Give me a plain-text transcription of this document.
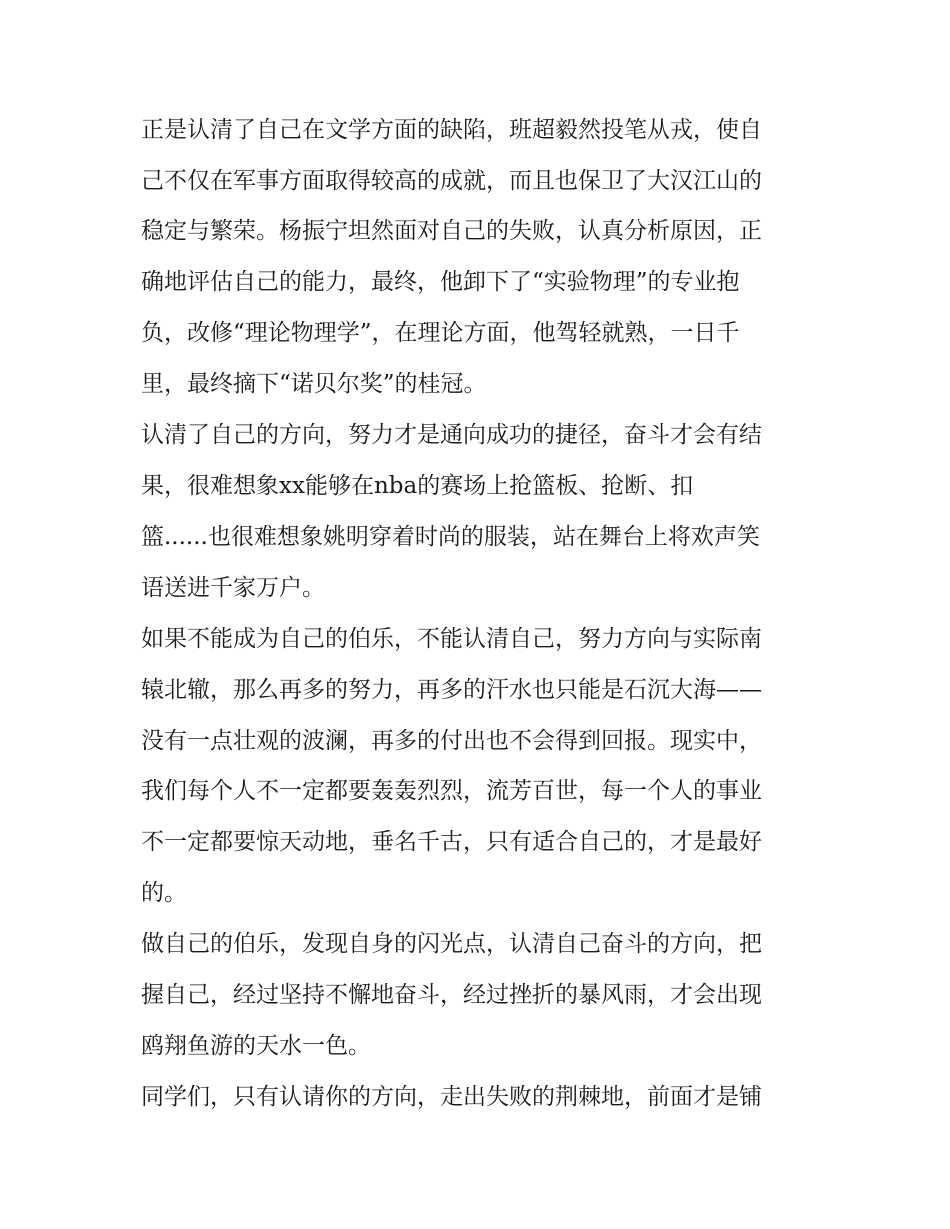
正是认清了自己在文学方面的缺陷，班超毅然投笔从戎，使自

己不仅在军事方面取得较高的成就，而且也保卫了大汉江山的

稳定与繁荣。杨振宁坦然面对自己的失败，认真分析原因，正

确地评估自己的能力，最终，他卸下了“实验物理”的专业抱

负，改修“理论物理学”，在理论方面，他驾轻就熟，一日千

里，最终摘下“诺贝尔奖”的桂冠。

认清了自己的方向，努力才是通向成功的捷径，奋斗才会有结

果，很难想象xx能够在nba的赛场上抢篮板、抢断、扣

篮......也很难想象姚明穿着时尚的服装，站在舞台上将欢声笑

语送进千家万户。

如果不能成为自己的伯乐，不能认清自己，努力方向与实际南

辕北辙，那么再多的努力，再多的汗水也只能是石沉大海——

没有一点壮观的波澜，再多的付出也不会得到回报。现实中，

我们每个人不一定都要轰轰烈烈，流芳百世，每一个人的事业

不一定都要惊天动地，垂名千古，只有适合自己的，才是最好

的。

做自己的伯乐，发现自身的闪光点，认清自己奋斗的方向，把

握自己，经过坚持不懈地奋斗，经过挫折的暴风雨，才会出现

鸥翔鱼游的天水一色。

同学们，只有认请你的方向，走出失败的荆棘地，前面才是铺
